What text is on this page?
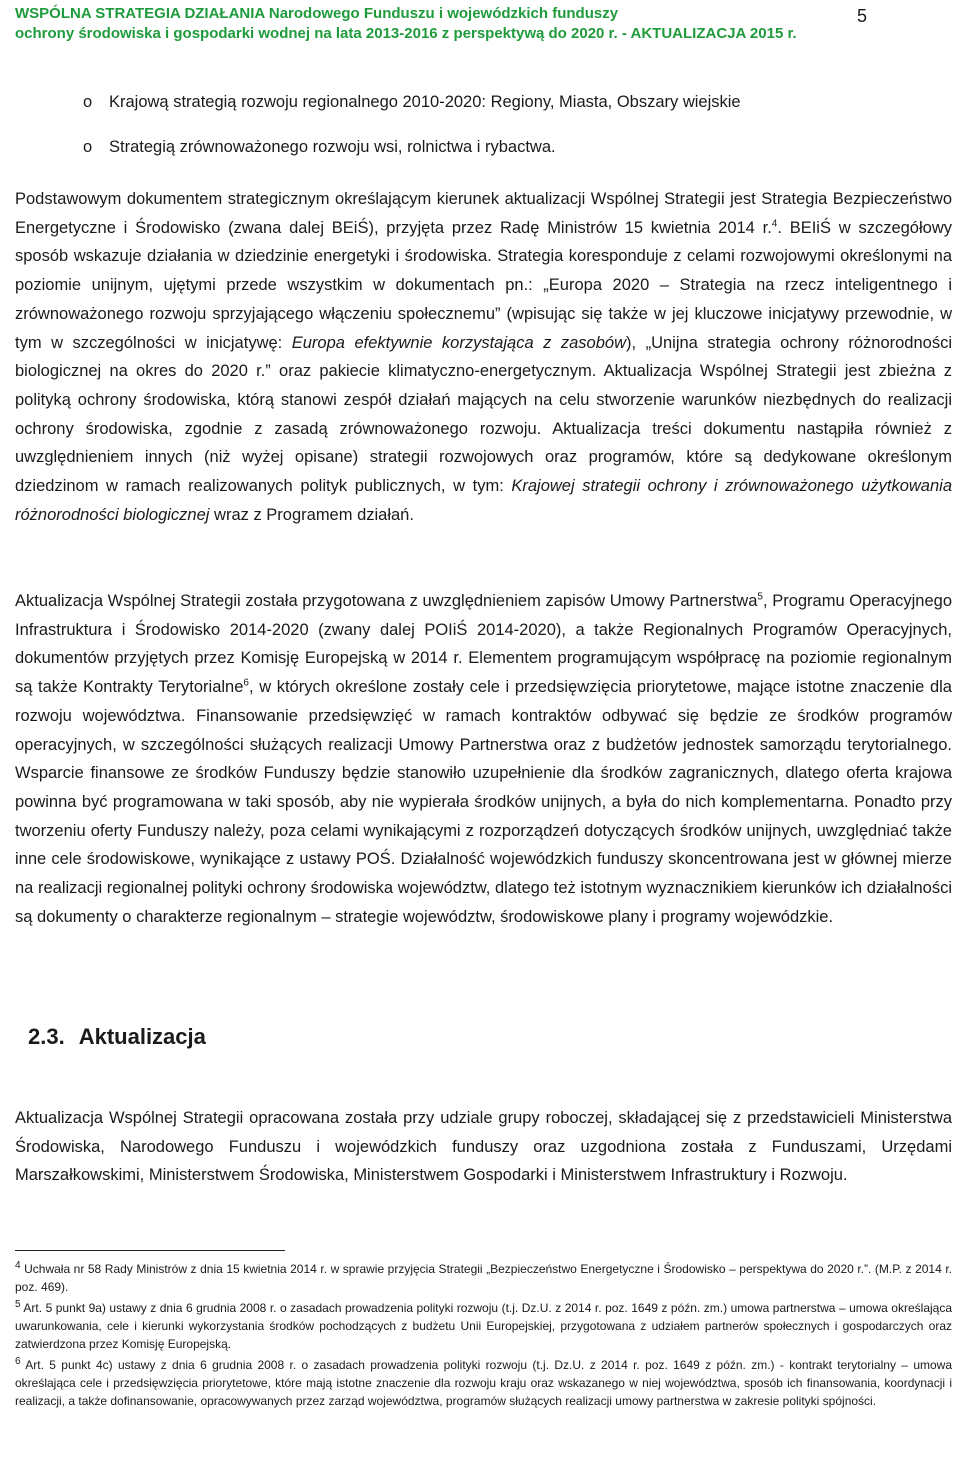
WSPÓLNA STRATEGIA DZIAŁANIA Narodowego Funduszu i wojewódzkich funduszy
ochrony środowiska i gospodarki wodnej na lata 2013-2016 z perspektywą do 2020 r. - AKTUALIZACJA 2015 r.
5
o Krajową strategią rozwoju regionalnego 2010-2020: Regiony, Miasta, Obszary wiejskie
o Strategią zrównoważonego rozwoju wsi, rolnictwa i rybactwa.
Podstawowym dokumentem strategicznym określającym kierunek aktualizacji Wspólnej Strategii jest Strategia Bezpieczeństwo Energetyczne i Środowisko (zwana dalej BEiŚ), przyjęta przez Radę Ministrów 15 kwietnia 2014 r.$^4$. BEIiŚ w szczegółowy sposób wskazuje działania w dziedzinie energetyki i środowiska. Strategia koresponduje z celami rozwojowymi określonymi na poziomie unijnym, ujętymi przede wszystkim w dokumentach pn.: „Europa 2020 – Strategia na rzecz inteligentnego i zrównoważonego rozwoju sprzyjającego włączeniu społecznemu” (wpisując się także w jej kluczowe inicjatywy przewodnie, w tym w szczególności w inicjatywę: Europa efektywnie korzystająca z zasobów), „Unijna strategia ochrony różnorodności biologicznej na okres do 2020 r.” oraz pakiecie klimatyczno-energetycznym. Aktualizacja Wspólnej Strategii jest zbieżna z polityką ochrony środowiska, którą stanowi zespół działań mających na celu stworzenie warunków niezbędnych do realizacji ochrony środowiska, zgodnie z zasadą zrównoważonego rozwoju. Aktualizacja treści dokumentu nastąpiła również z uwzględnieniem innych (niż wyżej opisane) strategii rozwojowych oraz programów, które są dedykowane określonym dziedzinom w ramach realizowanych polityk publicznych, w tym: Krajowej strategii ochrony i zrównoważonego użytkowania różnorodności biologicznej wraz z Programem działań.
Aktualizacja Wspólnej Strategii została przygotowana z uwzględnieniem zapisów Umowy Partnerstwa$^5$, Programu Operacyjnego Infrastruktura i Środowisko 2014-2020 (zwany dalej POIiŚ 2014-2020), a także Regionalnych Programów Operacyjnych, dokumentów przyjętych przez Komisję Europejską w 2014 r. Elementem programującym współpracę na poziomie regionalnym są także Kontrakty Terytorialne$^6$, w których określone zostały cele i przedsięwzięcia priorytetowe, mające istotne znaczenie dla rozwoju województwa. Finansowanie przedsięwzięć w ramach kontraktów odbywać się będzie ze środków programów operacyjnych, w szczególności służących realizacji Umowy Partnerstwa oraz z budżetów jednostek samorządu terytorialnego. Wsparcie finansowe ze środków Funduszy będzie stanowiło uzupełnienie dla środków zagranicznych, dlatego oferta krajowa powinna być programowana w taki sposób, aby nie wypierała środków unijnych, a była do nich komplementarna. Ponadto przy tworzeniu oferty Funduszy należy, poza celami wynikającymi z rozporządzeń dotyczących środków unijnych, uwzględniać także inne cele środowiskowe, wynikające z ustawy POŚ. Działalność wojewódzkich funduszy skoncentrowana jest w głównej mierze na realizacji regionalnej polityki ochrony środowiska województw, dlatego też istotnym wyznacznikiem kierunków ich działalności są dokumenty o charakterze regionalnym – strategie województw, środowiskowe plany i programy wojewódzkie.
2.3. Aktualizacja
Aktualizacja Wspólnej Strategii opracowana została przy udziale grupy roboczej, składającej się z przedstawicieli Ministerstwa Środowiska, Narodowego Funduszu i wojewódzkich funduszy oraz uzgodniona została z Funduszami, Urzędami Marszałkowskimi, Ministerstwem Środowiska, Ministerstwem Gospodarki i Ministerstwem Infrastruktury i Rozwoju.
$^4$ Uchwała nr 58 Rady Ministrów z dnia 15 kwietnia 2014 r. w sprawie przyjęcia Strategii „Bezpieczeństwo Energetyczne i Środowisko – perspektywa do 2020 r.”. (M.P. z 2014 r. poz. 469).
$^5$ Art. 5 punkt 9a) ustawy z dnia 6 grudnia 2008 r. o zasadach prowadzenia polityki rozwoju (t.j. Dz.U. z 2014 r. poz. 1649 z późn. zm.) umowa partnerstwa – umowa określająca uwarunkowania, cele i kierunki wykorzystania środków pochodzących z budżetu Unii Europejskiej, przygotowana z udziałem partnerów społecznych i gospodarczych oraz zatwierdzona przez Komisję Europejską.
$^6$ Art. 5 punkt 4c) ustawy z dnia 6 grudnia 2008 r. o zasadach prowadzenia polityki rozwoju (t.j. Dz.U. z 2014 r. poz. 1649 z późn. zm.) - kontrakt terytorialny – umowa określająca cele i przedsięwzięcia priorytetowe, które mają istotne znaczenie dla rozwoju kraju oraz wskazanego w niej województwa, sposób ich finansowania, koordynacji i realizacji, a także dofinansowanie, opracowywanych przez zarząd województwa, programów służących realizacji umowy partnerstwa w zakresie polityki spójności.
